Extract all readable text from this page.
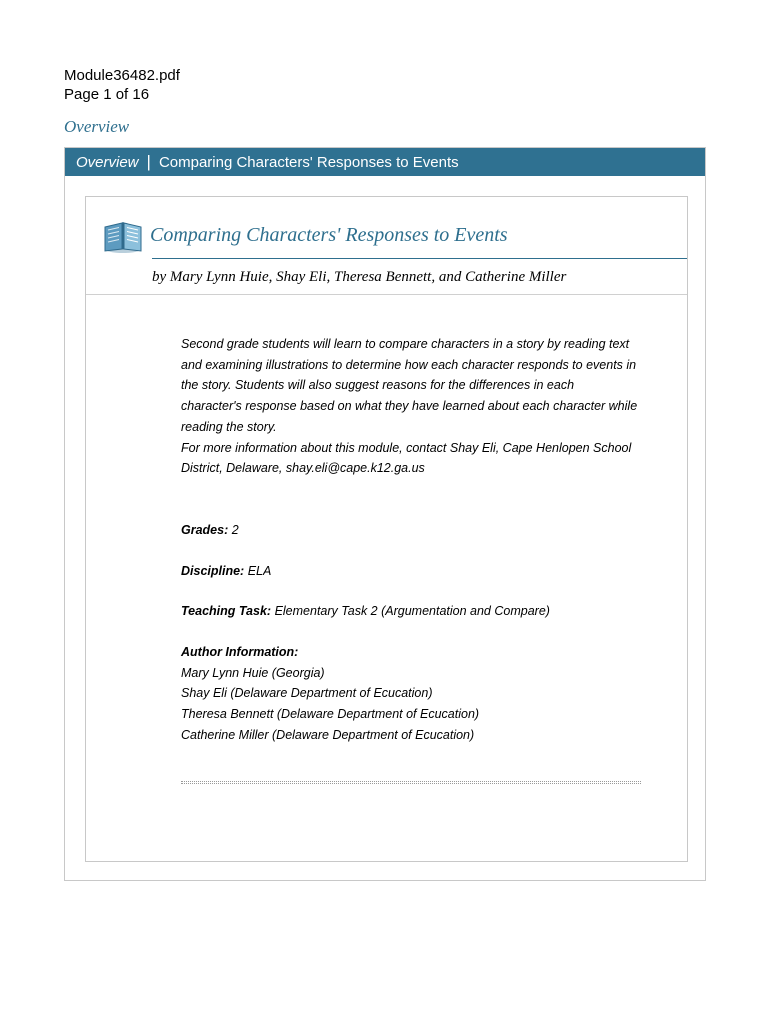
Module36482.pdf
Page 1 of 16
Overview
Overview | Comparing Characters' Responses to Events
Comparing Characters' Responses to Events
by Mary Lynn Huie, Shay Eli, Theresa Bennett, and Catherine Miller

Second grade students will learn to compare characters in a story by reading text

and examining illustrations to determine how each character responds to events in

the story. Students will also suggest reasons for the differences in each

character's response based on what they have learned about each character while

reading the story.

For more information about this module, contact Shay Eli, Cape Henlopen School

District, Delaware, shay.eli@cape.k12.ga.us

Grades: 2

Discipline: ELA

Teaching Task: Elementary Task 2 (Argumentation and Compare)

Author Information:

Mary Lynn Huie (Georgia)

Shay Eli (Delaware Department of Ecucation)

Theresa Bennett (Delaware Department of Ecucation)

Catherine Miller (Delaware Department of Ecucation)
